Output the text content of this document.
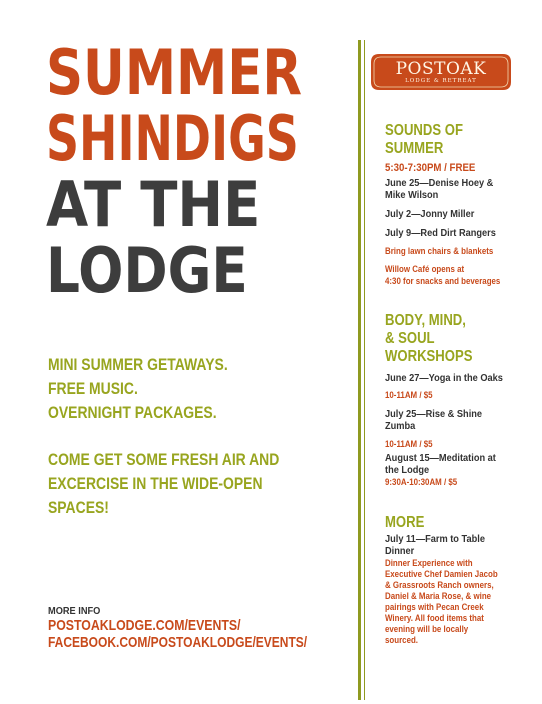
SUMMER
SHINDIGS
AT THE
LODGE
MINI SUMMER GETAWAYS.
FREE MUSIC.
OVERNIGHT PACKAGES.
COME GET SOME FRESH AIR AND
EXCERCISE IN THE WIDE-OPEN
SPACES!
MORE INFO
POSTOAKLODGE.COM/EVENTS/
FACEBOOK.COM/POSTOAKLODGE/EVENTS/
POSTOAK
LODGE & RETREAT
SOUNDS OF
SUMMER
5:30-7:30PM / FREE
June 25—Denise Hoey &
Mike Wilson
July 2—Jonny Miller
July 9—Red Dirt Rangers
Bring lawn chairs & blankets
Willow Café opens at
4:30 for snacks and beverages
BODY, MIND,
& SOUL
WORKSHOPS
June 27—Yoga in the Oaks
10-11AM / $5
July 25—Rise & Shine
Zumba
10-11AM / $5
August 15—Meditation at
the Lodge
9:30A-10:30AM / $5
MORE
July 11—Farm to Table
Dinner
Dinner Experience with
Executive Chef Damien Jacob
& Grassroots Ranch owners,
Daniel & Maria Rose, & wine
pairings with Pecan Creek
Winery. All food items that
evening will be locally
sourced.
